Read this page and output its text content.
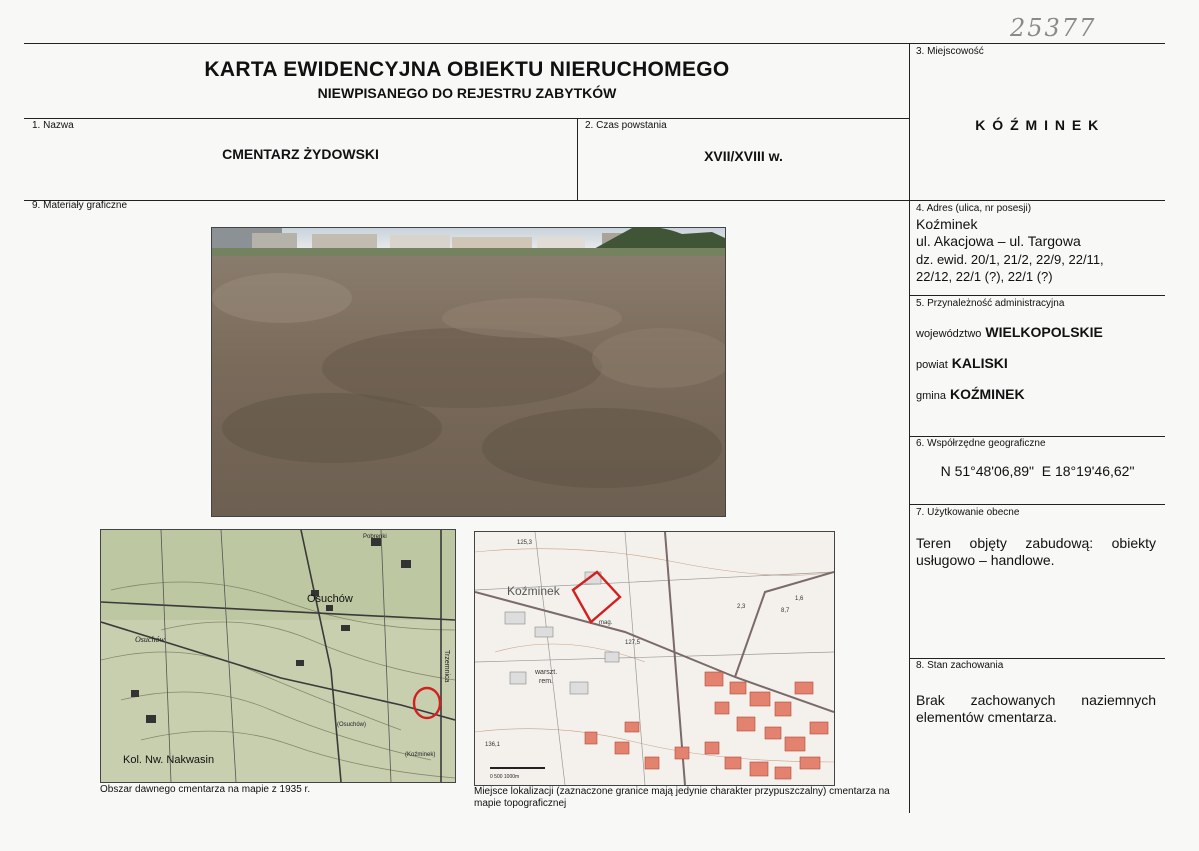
25377
KARTA EWIDENCYJNA OBIEKTU NIERUCHOMEGO
NIEWPISANEGO DO REJESTRU ZABYTKÓW
3. Miejscowość
K Ó Ź M I N E K
1. Nazwa
CMENTARZ ŻYDOWSKI
2. Czas powstania
XVII/XVIII w.
9. Materiały graficzne	4. Adres (ulica, nr posesji)
Koźminek
ul. Akacjowa – ul. Targowa
dz. ewid. 20/1, 21/2, 22/9, 22/11,
22/12, 22/1 (?), 22/1 (?)
5. Przynależność administracyjna
województwo WIELKOPOLSKIE
powiat KALISKI
gmina KOŹMINEK
6. Współrzędne geograficzne
N 51°48'06,89"  E 18°19'46,62"
7. Użytkowanie obecne
Teren objęty zabudową: obiekty usługowo – handlowe.
8. Stan zachowania
Brak zachowanych naziemnych elementów cmentarza.
Osuchów
Kol. Nw. Nakwasin
Osuchów
Pobrenki
(Osuchów)
(Koźminek)
Trzemnica
Koźminek
125,3
127,5
136,1
2,3
1,6
8,7
warszt.
rem.
mag.
0 500 1000m
Obszar dawnego cmentarza na mapie z 1935 r.	Miejsce lokalizacji (zaznaczone granice mają jedynie charakter przypuszczalny) cmentarza na mapie topograficznej
